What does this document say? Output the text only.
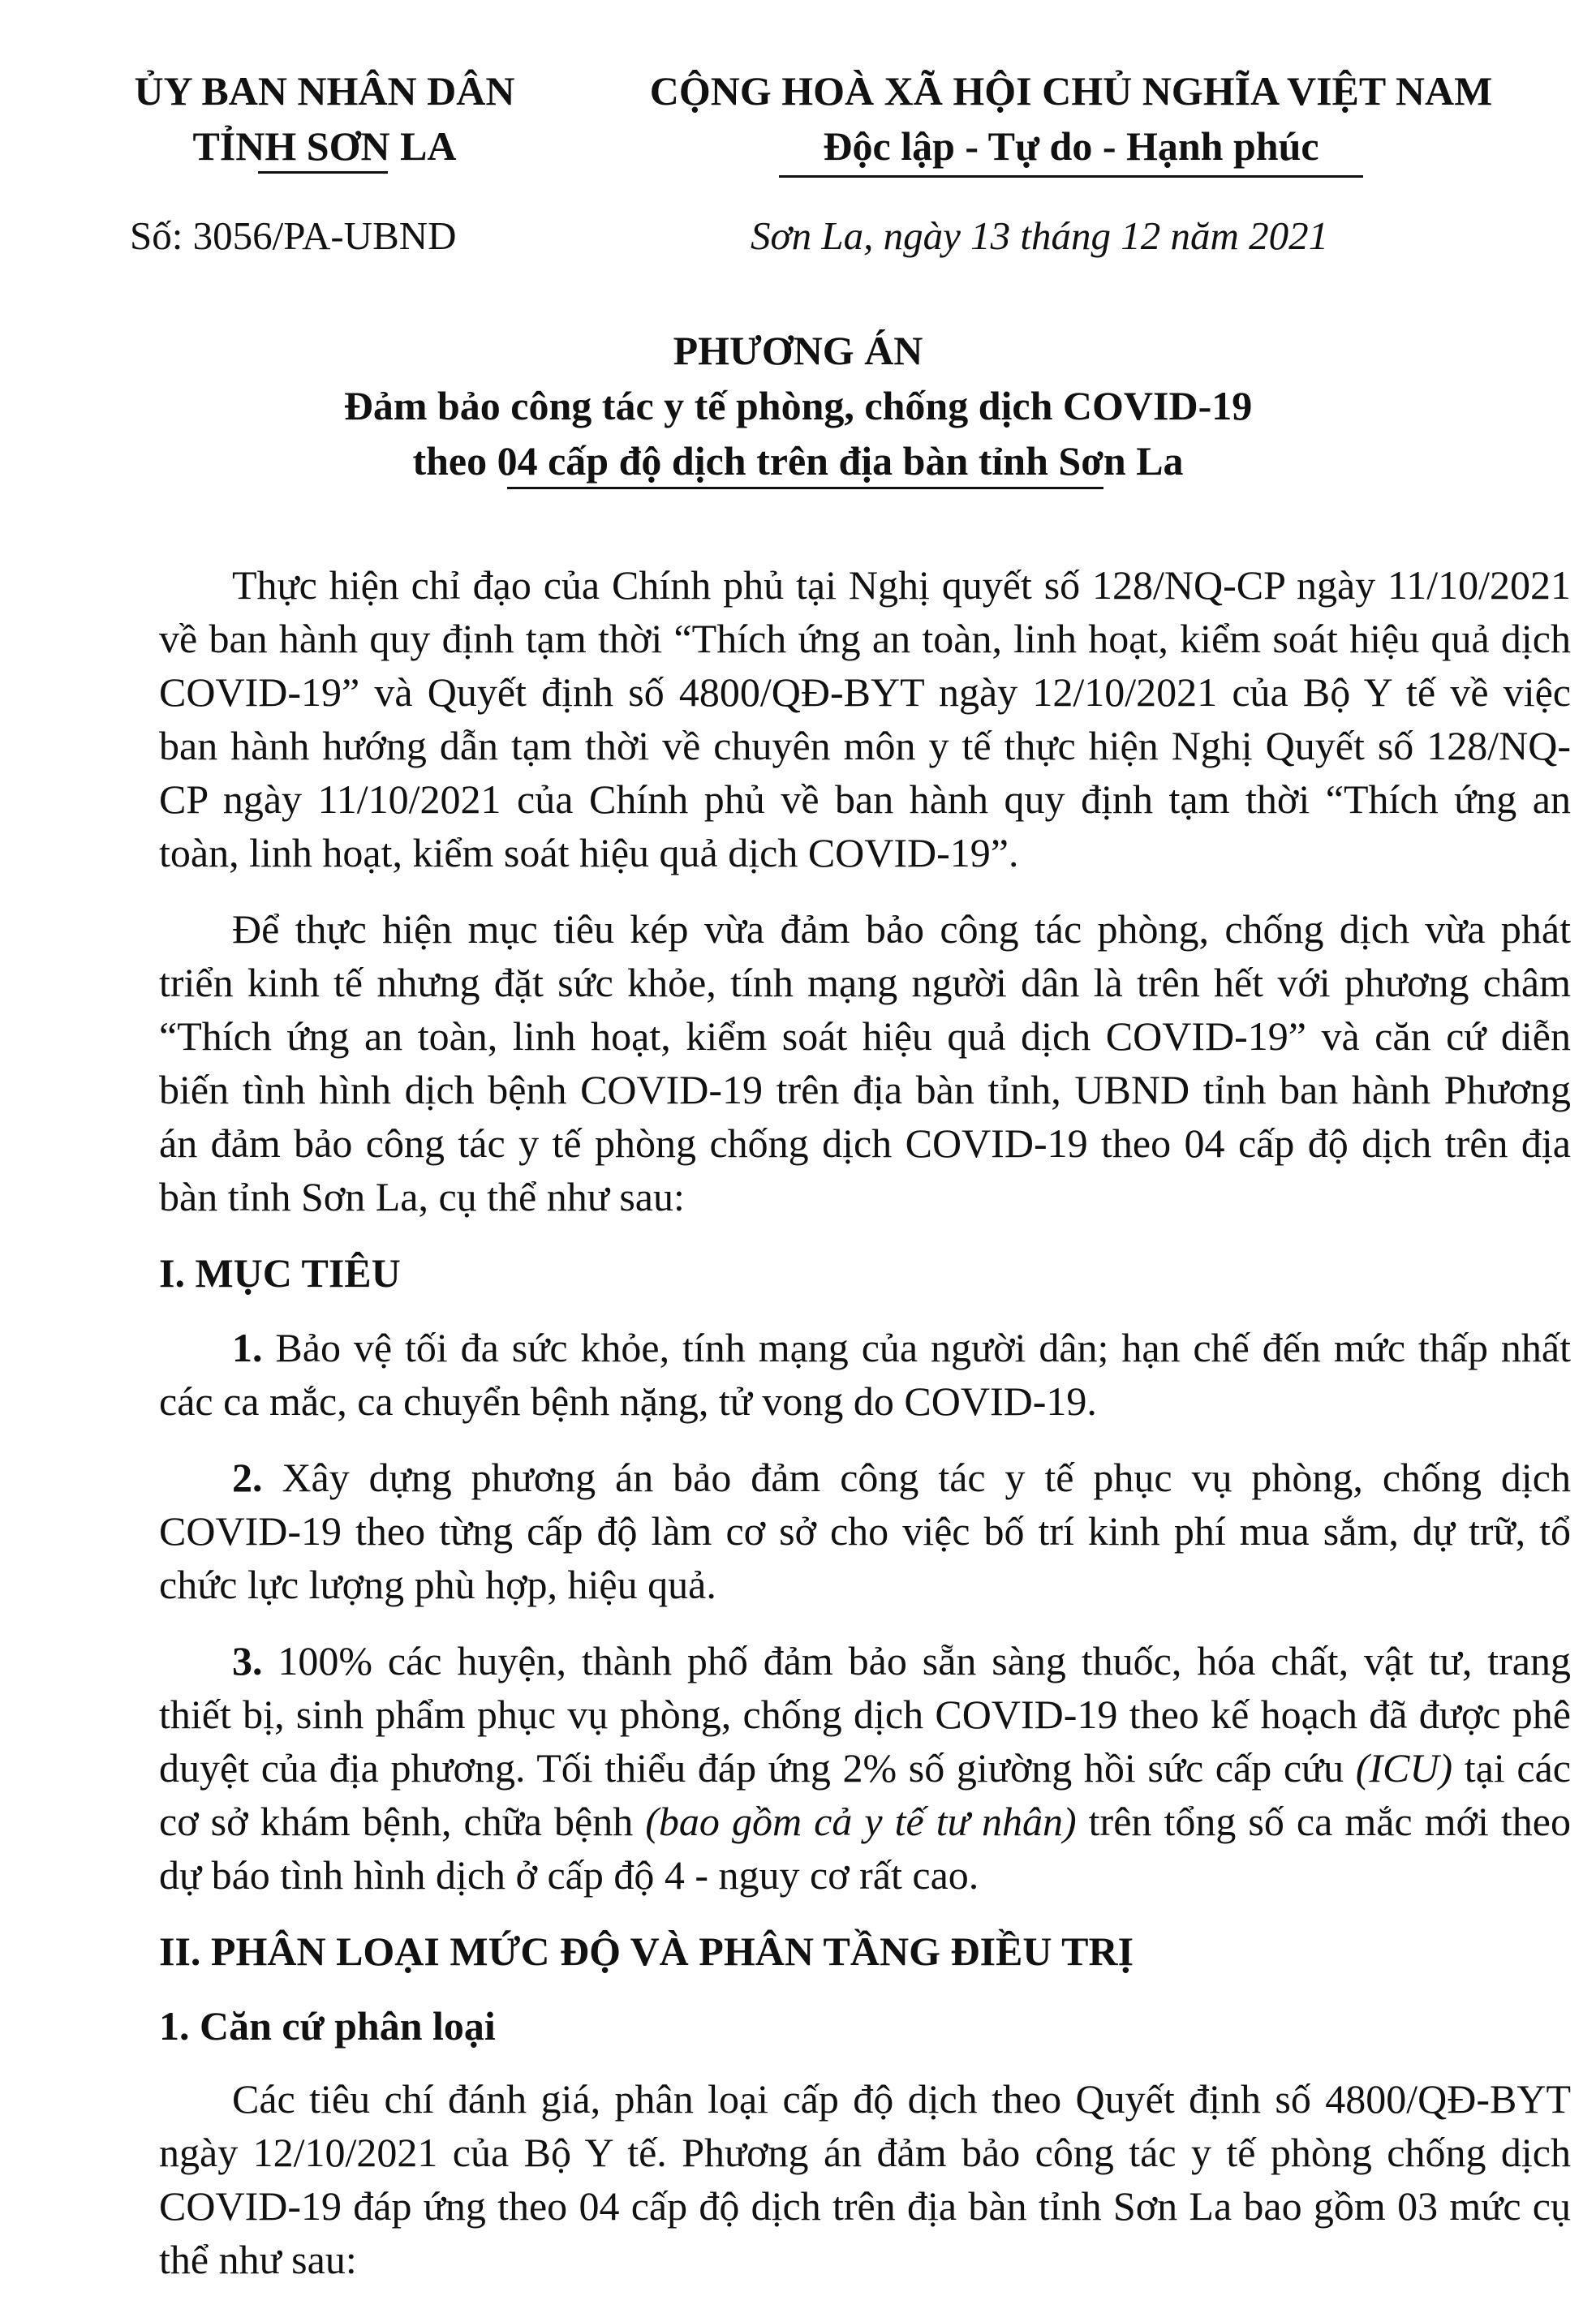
ỦY BAN NHÂN DÂN
TỈNH SƠN LA
CỘNG HOÀ XÃ HỘI CHỦ NGHĨA VIỆT NAM
Độc lập - Tự do - Hạnh phúc
Số: 3056/PA-UBND	Sơn La, ngày 13 tháng 12 năm 2021
PHƯƠNG ÁN
Đảm bảo công tác y tế phòng, chống dịch COVID-19
theo 04 cấp độ dịch trên địa bàn tỉnh Sơn La

Thực hiện chỉ đạo của Chính phủ tại Nghị quyết số 128/NQ-CP ngày 11/10/2021 về ban hành quy định tạm thời “Thích ứng an toàn, linh hoạt, kiểm soát hiệu quả dịch COVID-19” và Quyết định số 4800/QĐ-BYT ngày 12/10/2021 của Bộ Y tế về việc ban hành hướng dẫn tạm thời về chuyên môn y tế thực hiện Nghị Quyết số 128/NQ-CP ngày 11/10/2021 của Chính phủ về ban hành quy định tạm thời “Thích ứng an toàn, linh hoạt, kiểm soát hiệu quả dịch COVID-19”.

Để thực hiện mục tiêu kép vừa đảm bảo công tác phòng, chống dịch vừa phát triển kinh tế nhưng đặt sức khỏe, tính mạng người dân là trên hết với phương châm “Thích ứng an toàn, linh hoạt, kiểm soát hiệu quả dịch COVID-19” và căn cứ diễn biến tình hình dịch bệnh COVID-19 trên địa bàn tỉnh, UBND tỉnh ban hành Phương án đảm bảo công tác y tế phòng chống dịch COVID-19 theo 04 cấp độ dịch trên địa bàn tỉnh Sơn La, cụ thể như sau:

I. MỤC TIÊU

1. Bảo vệ tối đa sức khỏe, tính mạng của người dân; hạn chế đến mức thấp nhất các ca mắc, ca chuyển bệnh nặng, tử vong do COVID-19.

2. Xây dựng phương án bảo đảm công tác y tế phục vụ phòng, chống dịch COVID-19 theo từng cấp độ làm cơ sở cho việc bố trí kinh phí mua sắm, dự trữ, tổ chức lực lượng phù hợp, hiệu quả.

3. 100% các huyện, thành phố đảm bảo sẵn sàng thuốc, hóa chất, vật tư, trang thiết bị, sinh phẩm phục vụ phòng, chống dịch COVID-19 theo kế hoạch đã được phê duyệt của địa phương. Tối thiểu đáp ứng 2% số giường hồi sức cấp cứu (ICU) tại các cơ sở khám bệnh, chữa bệnh (bao gồm cả y tế tư nhân) trên tổng số ca mắc mới theo dự báo tình hình dịch ở cấp độ 4 - nguy cơ rất cao.

II. PHÂN LOẠI MỨC ĐỘ VÀ PHÂN TẦNG ĐIỀU TRỊ
1. Căn cứ phân loại

Các tiêu chí đánh giá, phân loại cấp độ dịch theo Quyết định số 4800/QĐ-BYT ngày 12/10/2021 của Bộ Y tế. Phương án đảm bảo công tác y tế phòng chống dịch COVID-19 đáp ứng theo 04 cấp độ dịch trên địa bàn tỉnh Sơn La bao gồm 03 mức cụ thể như sau:
